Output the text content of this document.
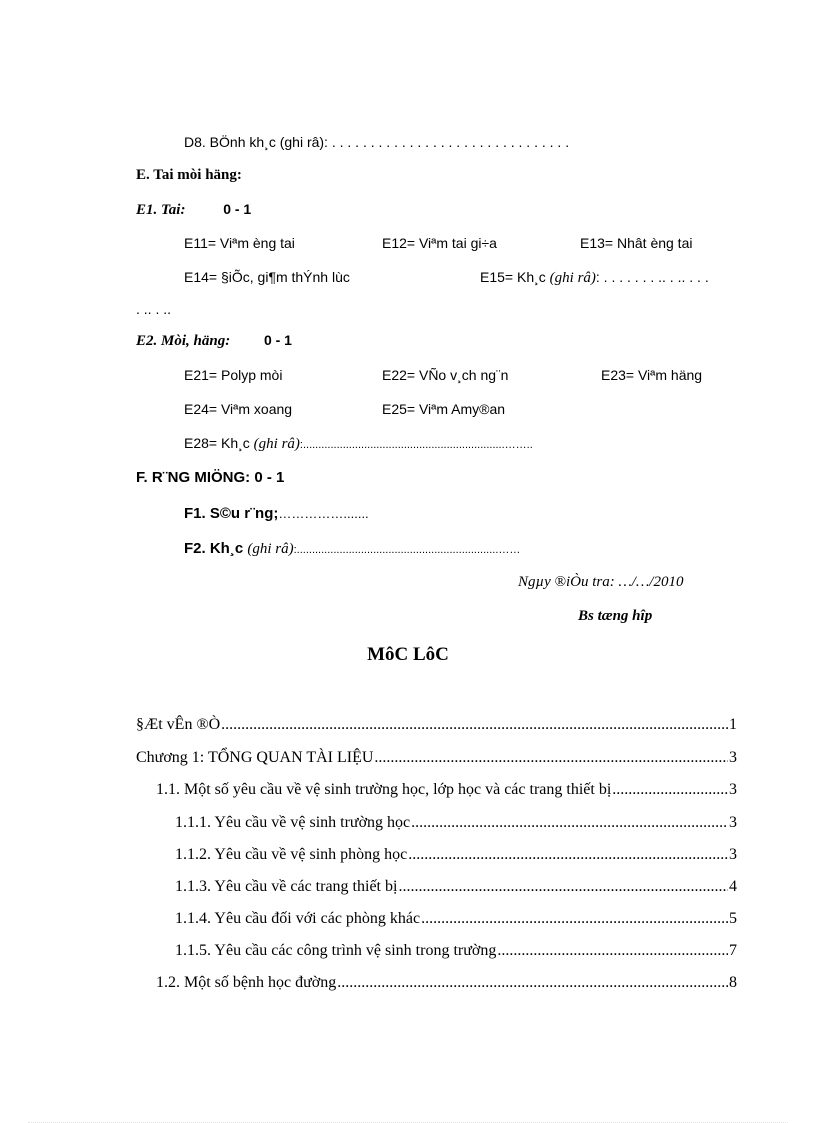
D8. BÖnh kh¸c (ghi râ): . . . . . . . . . . . . . . . . . . . . . . . . . . . . . . .
E. Tai mòi häng:
E1. Tai:	0 - 1
E11= Viªm èng tai	E12= Viªm tai gi÷a	E13= Nhât èng tai
E14= §iÕc, gi¶m thÝnh lùc	E15= Kh¸c (ghi râ): . . . . . . . .. . .. . . .
. .. . ..
E2. Mòi, häng: 0 - 1
E21= Polyp mòi	E22= VÑo v¸ch ng¨n	E23= Viªm häng
E24= Viªm xoang	E25= Viªm Amy®an
E28= Kh¸c (ghi râ):..................................................................……..
F. R¨NG MIÖNG: 0 - 1
F1. S©u r¨ng;…………….......
F2. Kh¸c (ghi râ):..................................................................……
Ngµy ®iÒu tra: …/…/2010
Bs tæng hîp
MôC LôC
§Æt vÊn ®Ò .....	1
Chương 1: TỔNG QUAN TÀI LIỆU .....	3
1.1. Một số yêu cầu về vệ sinh trường học, lớp học và các trang thiết bị .....	3
1.1.1. Yêu cầu về vệ sinh trường học .....	3
1.1.2. Yêu cầu về vệ sinh phòng học .....	3
1.1.3. Yêu cầu về các trang thiết bị .....	4
1.1.4. Yêu cầu đối với các phòng khác .....	5
1.1.5. Yêu cầu các công trình vệ sinh trong trường .....	7
1.2. Một số bệnh học đường .....	8
